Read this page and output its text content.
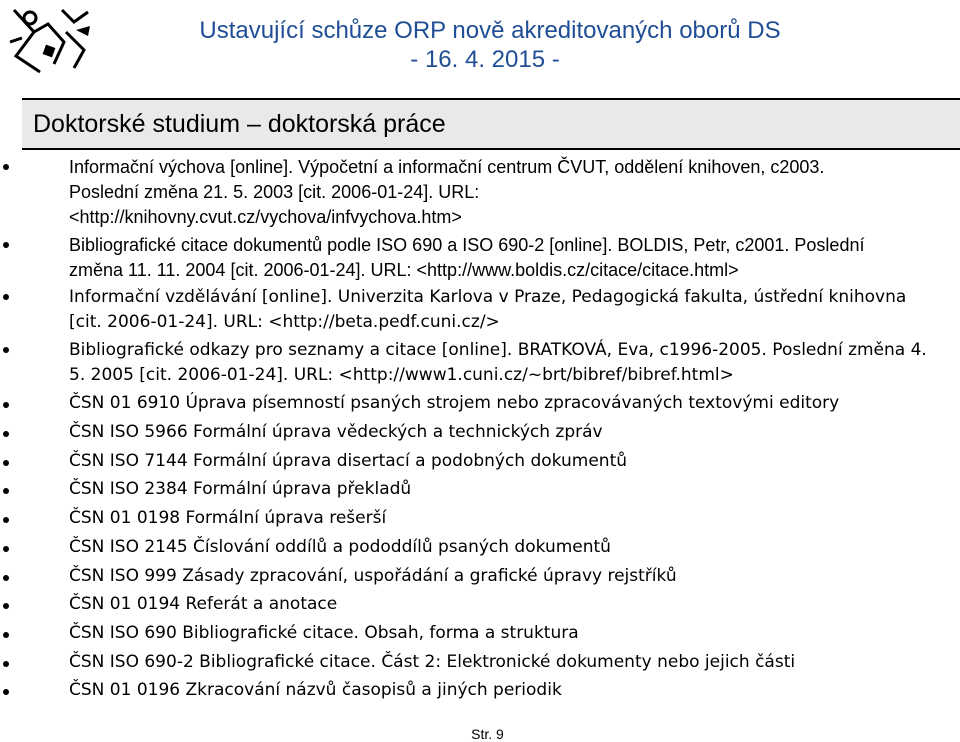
Ustavující schůze ORP nově akreditovaných oborů DS
- 16. 4. 2015 -
Doktorské studium – doktorská práce
Informační výchova [online]. Výpočetní a informační centrum ČVUT, oddělení knihoven, c2003.
Poslední změna 21. 5. 2003 [cit. 2006-01-24]. URL:
<http://knihovny.cvut.cz/vychova/infvychova.htm>
Bibliografické citace dokumentů podle ISO 690 a ISO 690-2 [online]. BOLDIS, Petr, c2001. Poslední
změna 11. 11. 2004 [cit. 2006-01-24]. URL: <http://www.boldis.cz/citace/citace.html>
Informační vzdělávání [online]. Univerzita Karlova v Praze, Pedagogická fakulta, ústřední knihovna
[cit. 2006-01-24]. URL: <http://beta.pedf.cuni.cz/>
Bibliografické odkazy pro seznamy a citace [online]. BRATKOVÁ, Eva, c1996-2005. Poslední změna 4.
5. 2005 [cit. 2006-01-24]. URL: <http://www1.cuni.cz/~brt/bibref/bibref.html>
ČSN 01 6910 Úprava písemností psaných strojem nebo zpracovávaných textovými editory
ČSN ISO 5966 Formální úprava vědeckých a technických zpráv
ČSN ISO 7144 Formální úprava disertací a podobných dokumentů
ČSN ISO 2384 Formální úprava překladů
ČSN 01 0198 Formální úprava rešerší
ČSN ISO 2145 Číslování oddílů a pododdílů psaných dokumentů
ČSN ISO 999 Zásady zpracování, uspořádání a grafické úpravy rejstříků
ČSN 01 0194 Referát a anotace
ČSN ISO 690 Bibliografické citace. Obsah, forma a struktura
ČSN ISO 690-2 Bibliografické citace. Část 2: Elektronické dokumenty nebo jejich části
ČSN 01 0196 Zkracování názvů časopisů a jiných periodik
Str. 9
